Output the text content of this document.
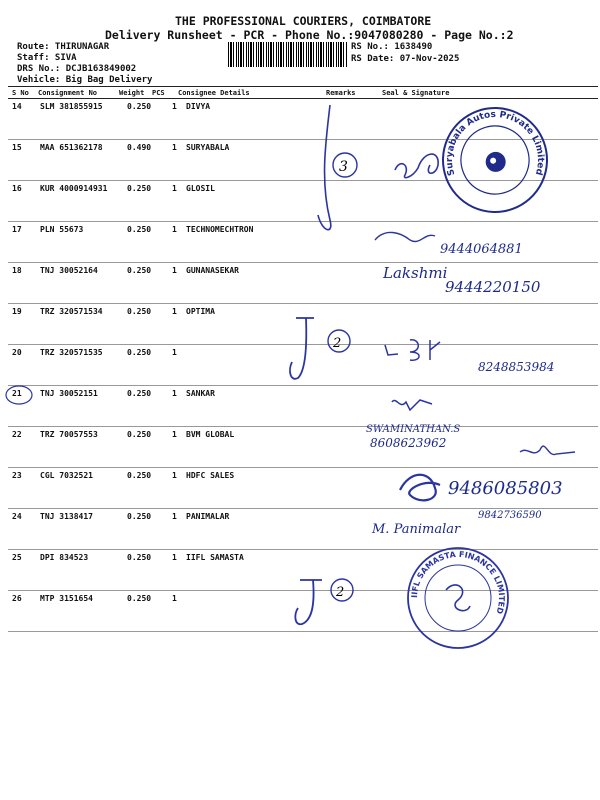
THE PROFESSIONAL COURIERS, COIMBATORE
Delivery Runsheet - PCR - Phone No.:9047080280 - Page No.:2
Route: THIRUNAGAR
Staff: SIVA
DRS No.: DCJB163849002
Vehicle: Big Bag Delivery
RS No.: 1638490
RS Date: 07-Nov-2025
S No Consignment No	Weight PCS Consignee Details	Remarks	Seal & Signature
14 SLM 381855915	0.250	1 DIVYA
15 MAA 651362178	0.490	1 SURYABALA
16 KUR 4000914931 0.250	1 GLOSIL
17 PLN 55673	0.250	1 TECHNOMECHTRON
18 TNJ 30052164	0.250	1 GUNANASEKAR
19 TRZ 320571534	0.250	1 OPTIMA
20 TRZ 320571535	0.250	1
21 TNJ 30052151	0.250	1 SANKAR
22 TRZ 70057553	0.250	1 BVM GLOBAL
23 CGL 7032521	0.250	1 HDFC SALES
24 TNJ 3138417	0.250	1 PANIMALAR
25 DPI 834523	0.250	1 IIFL SAMASTA
26 MTP 3151654	0.250	1
3
2
2
Suryabala Autos Private Limited
IIFL SAMASTA FINANCE LIMITED
9444064881
Lakshmi
9444220150
8248853984
SWAMINATHAN.S
8608623962
9486085803
9842736590
M. Panimalar
